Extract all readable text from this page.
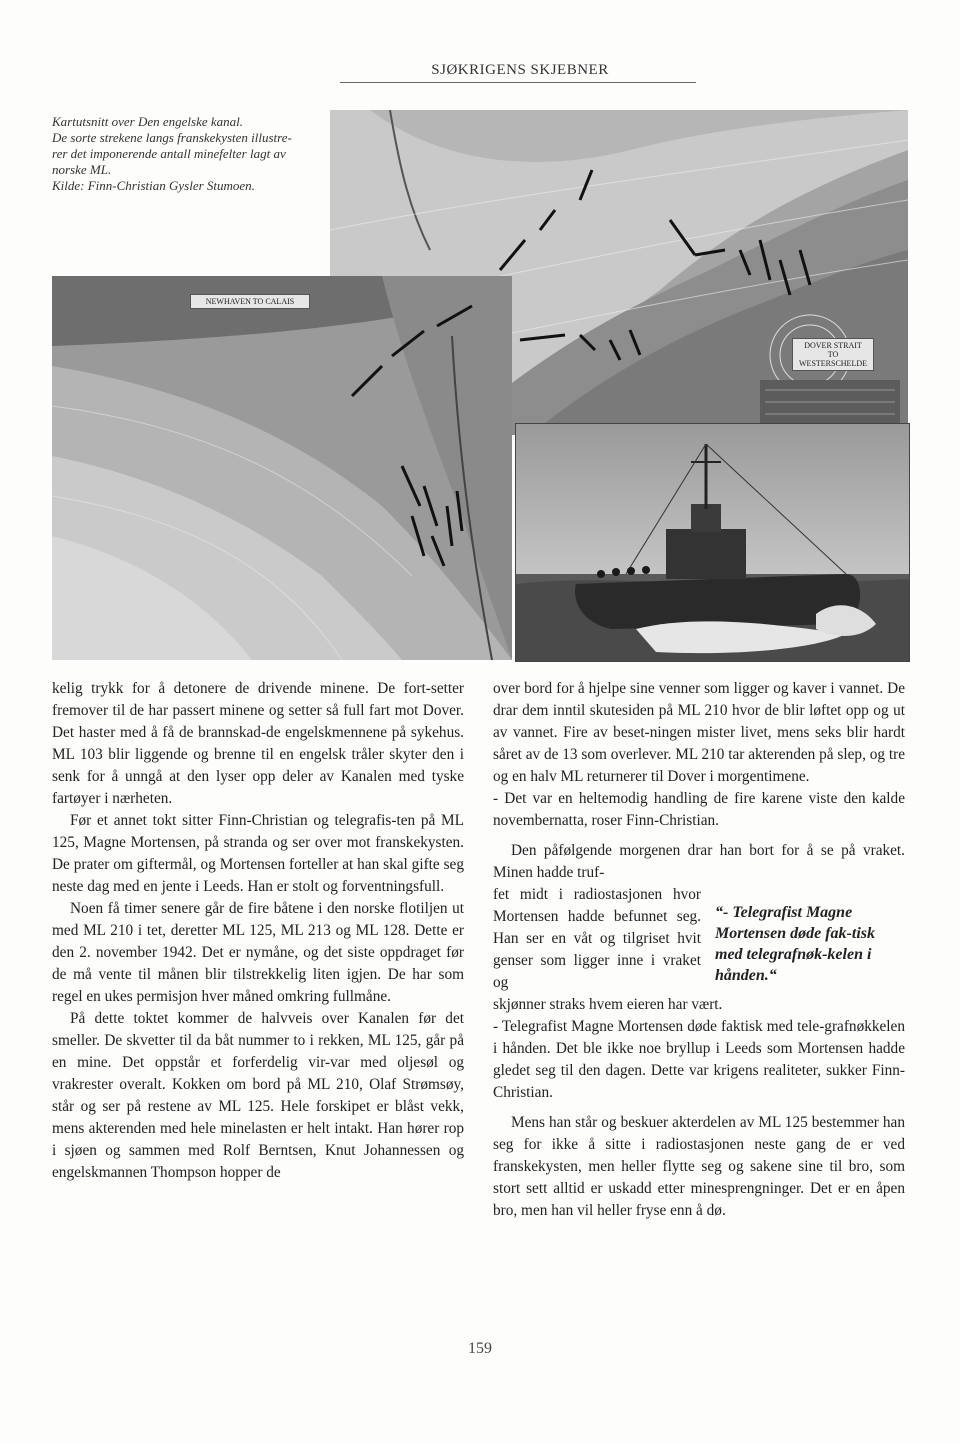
SJØKRIGENS SKJEBNER
Kartutsnitt over Den engelske kanal.
De sorte strekene langs franskekysten illustre-
rer det imponerende antall minefelter lagt av
norske ML.
Kilde: Finn-Christian Gysler Stumoen.
DOVER STRAIT
TO
WESTERSCHELDE
NEWHAVEN TO CALAIS

kelig trykk for å detonere de drivende minene. De fort-setter fremover til de har passert minene og setter så full fart mot Dover. Det haster med å få de brannskad-de engelskmennene på sykehus. ML 103 blir liggende og brenne til en engelsk tråler skyter den i senk for å unngå at den lyser opp deler av Kanalen med tyske fartøyer i nærheten.

Før et annet tokt sitter Finn-Christian og telegrafis-ten på ML 125, Magne Mortensen, på stranda og ser over mot franskekysten. De prater om giftermål, og Mortensen forteller at han skal gifte seg neste dag med en jente i Leeds. Han er stolt og forventningsfull.

Noen få timer senere går de fire båtene i den norske flotiljen ut med ML 210 i tet, deretter ML 125, ML 213 og ML 128. Dette er den 2. november 1942. Det er nymåne, og det siste oppdraget før de må vente til månen blir tilstrekkelig liten igjen. De har som regel en ukes permisjon hver måned omkring fullmåne.

På dette toktet kommer de halvveis over Kanalen før det smeller. De skvetter til da båt nummer to i rekken, ML 125, går på en mine. Det oppstår et forferdelig vir-var med oljesøl og vrakrester overalt. Kokken om bord på ML 210, Olaf Strømsøy, står og ser på restene av ML 125. Hele forskipet er blåst vekk, mens akterenden med hele minelasten er helt intakt. Han hører rop i sjøen og sammen med Rolf Berntsen, Knut Johannessen og engelskmannen Thompson hopper de

over bord for å hjelpe sine venner som ligger og kaver i vannet. De drar dem inntil skutesiden på ML 210 hvor de blir løftet opp og ut av vannet. Fire av beset-ningen mister livet, mens seks blir hardt såret av de 13 som overlever. ML 210 tar akterenden på slep, og tre og en halv ML returnerer til Dover i morgentimene.

- Det var en heltemodig handling de fire karene viste den kalde novembernatta, roser Finn-Christian.

Den påfølgende morgenen drar han bort for å se på vraket. Minen hadde truf-

fet midt i radiostasjonen hvor Mortensen hadde befunnet seg. Han ser en våt og tilgriset hvit genser som ligger inne i vraket og

“- Telegrafist Magne Mortensen døde fak-tisk med telegrafnøk-kelen i hånden.“

skjønner straks hvem eieren har vært.

- Telegrafist Magne Mortensen døde faktisk med tele-grafnøkkelen i hånden. Det ble ikke noe bryllup i Leeds som Mortensen hadde gledet seg til den dagen. Dette var krigens realiteter, sukker Finn-Christian.

Mens han står og beskuer akterdelen av ML 125 bestemmer han seg for ikke å sitte i radiostasjonen neste gang de er ved franskekysten, men heller flytte seg og sakene sine til bro, som stort sett alltid er uskadd etter minesprengninger. Det er en åpen bro, men han vil heller fryse enn å dø.

159
